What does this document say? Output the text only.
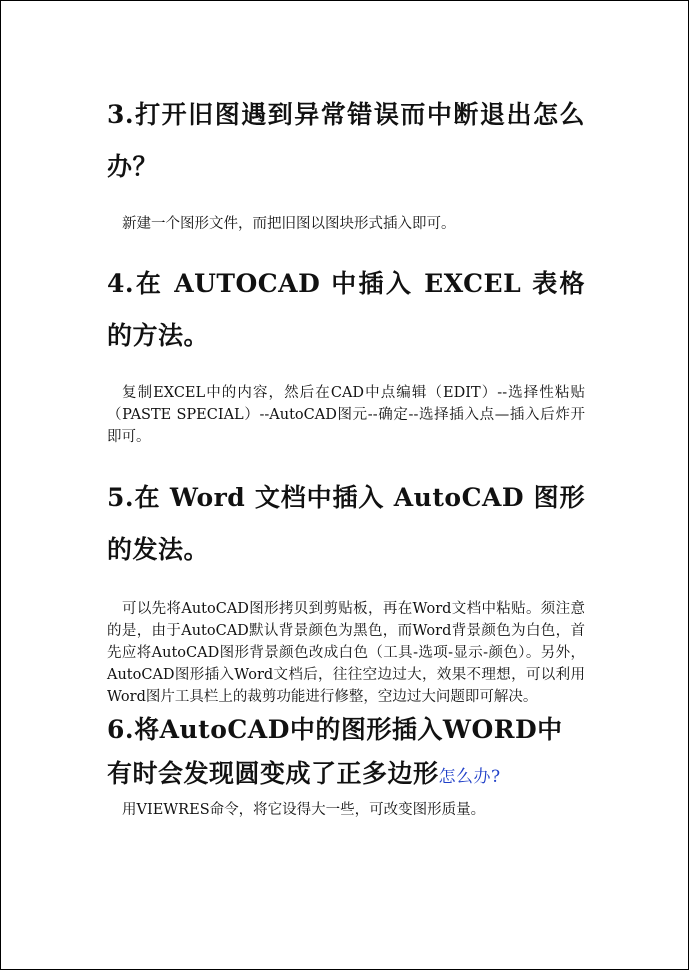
3.打开旧图遇到异常错误而中断退出怎么办？

新建一个图形文件，而把旧图以图块形式插入即可。

4.在 AUTOCAD 中插入 EXCEL 表格的方法。

复制EXCEL中的内容，然后在CAD中点编辑（EDIT）--选择性粘贴（PASTE SPECIAL）--AutoCAD图元--确定--选择插入点—插入后炸开即可。

5.在 Word 文档中插入 AutoCAD 图形的发法。

可以先将AutoCAD图形拷贝到剪贴板，再在Word文档中粘贴。须注意的是，由于AutoCAD默认背景颜色为黑色，而Word背景颜色为白色，首先应将AutoCAD图形背景颜色改成白色（工具-选项-显示-颜色）。另外，AutoCAD图形插入Word文档后，往往空边过大，效果不理想，可以利用Word图片工具栏上的裁剪功能进行修整，空边过大问题即可解决。

6.将AutoCAD中的图形插入WORD中有时会发现圆变成了正多边形怎么办?

用VIEWRES命令，将它设得大一些，可改变图形质量。
